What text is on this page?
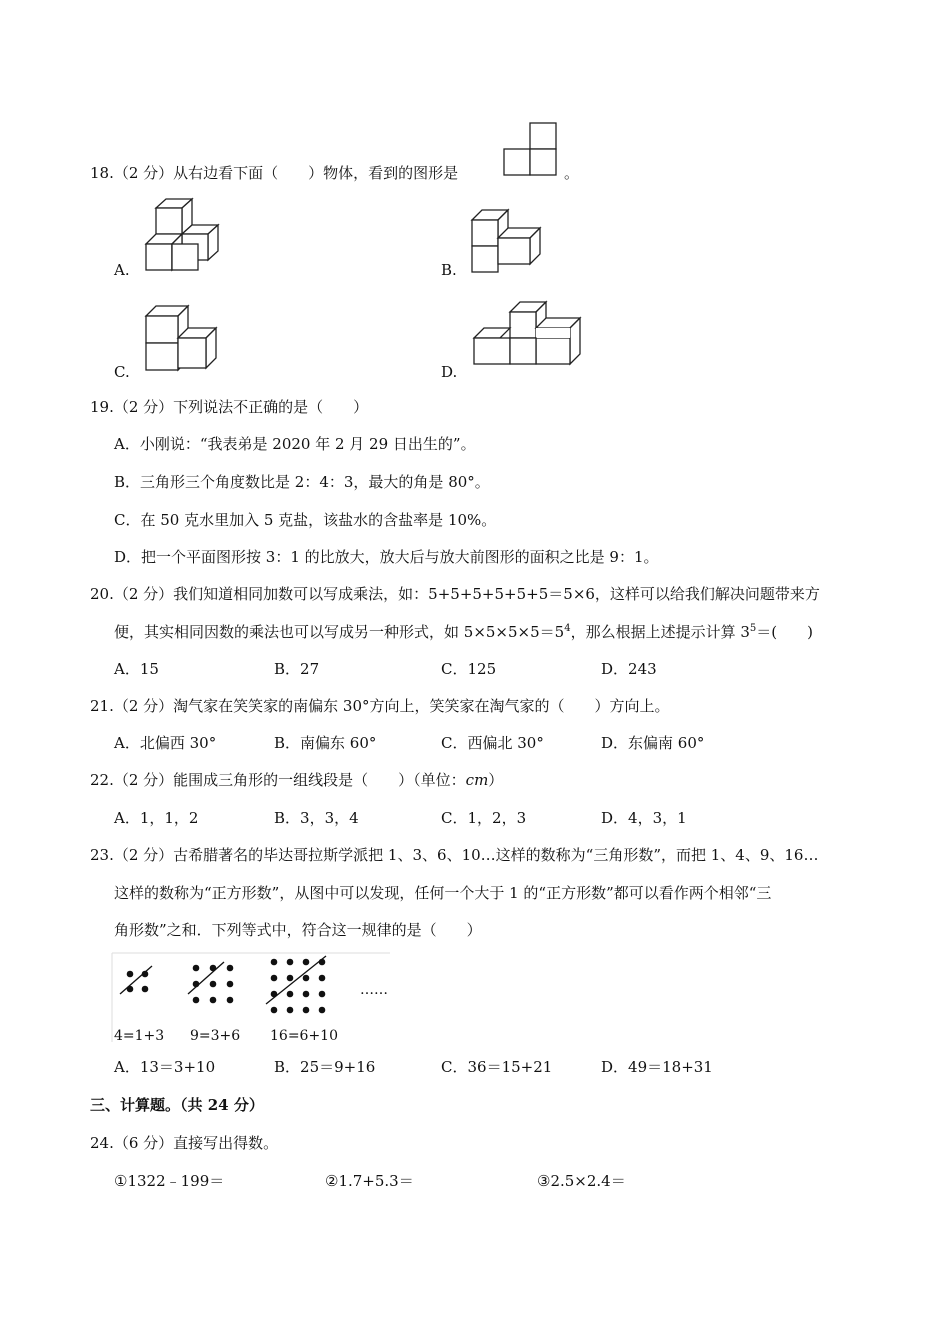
18.（2 分）从右边看下面（　　）物体，看到的图形是	。
A.	B.
C.	D.
19.（2 分）下列说法不正确的是（　　）
A．小刚说：“我表弟是 2020 年 2 月 29 日出生的”。
B．三角形三个角度数比是 2：4：3，最大的角是 80°。
C．在 50 克水里加入 5 克盐，该盐水的含盐率是 10%。
D．把一个平面图形按 3：1 的比放大，放大后与放大前图形的面积之比是 9：1。
20.（2 分）我们知道相同加数可以写成乘法，如：5+5+5+5+5+5＝5×6，这样可以给我们解决问题带来方
便，其实相同因数的乘法也可以写成另一种形式，如 $5\times 5\times 5\times 5=5^4$，那么根据上述提示计算 $3^5=$(　　)
A．15	B．27	C．125	D．243
21.（2 分）淘气家在笑笑家的南偏东 30°方向上，笑笑家在淘气家的（　　）方向上。
A．北偏西 30°	B．南偏东 60°	C．西偏北 30°	D．东偏南 60°
22.（2 分）能围成三角形的一组线段是（　　）（单位：cm）
A．1，1，2	B．3，3，4	C．1，2，3	D．4，3，1
23.（2 分）古希腊著名的毕达哥拉斯学派把 1、3、6、10…这样的数称为“三角形数”，而把 1、4、9、16…
这样的数称为“正方形数”，从图中可以发现，任何一个大于 1 的“正方形数”都可以看作两个相邻“三
角形数”之和．下列等式中，符合这一规律的是（　　）
……
4=1+3 9=3+6 16=6+10
A．13＝3+10	B．25＝9+16	C．36＝15+21	D．49＝18+31
三、计算题。（共 24 分）
24.（6 分）直接写出得数。
①1322﹣199＝	②1.7+5.3＝	③2.5×2.4＝
